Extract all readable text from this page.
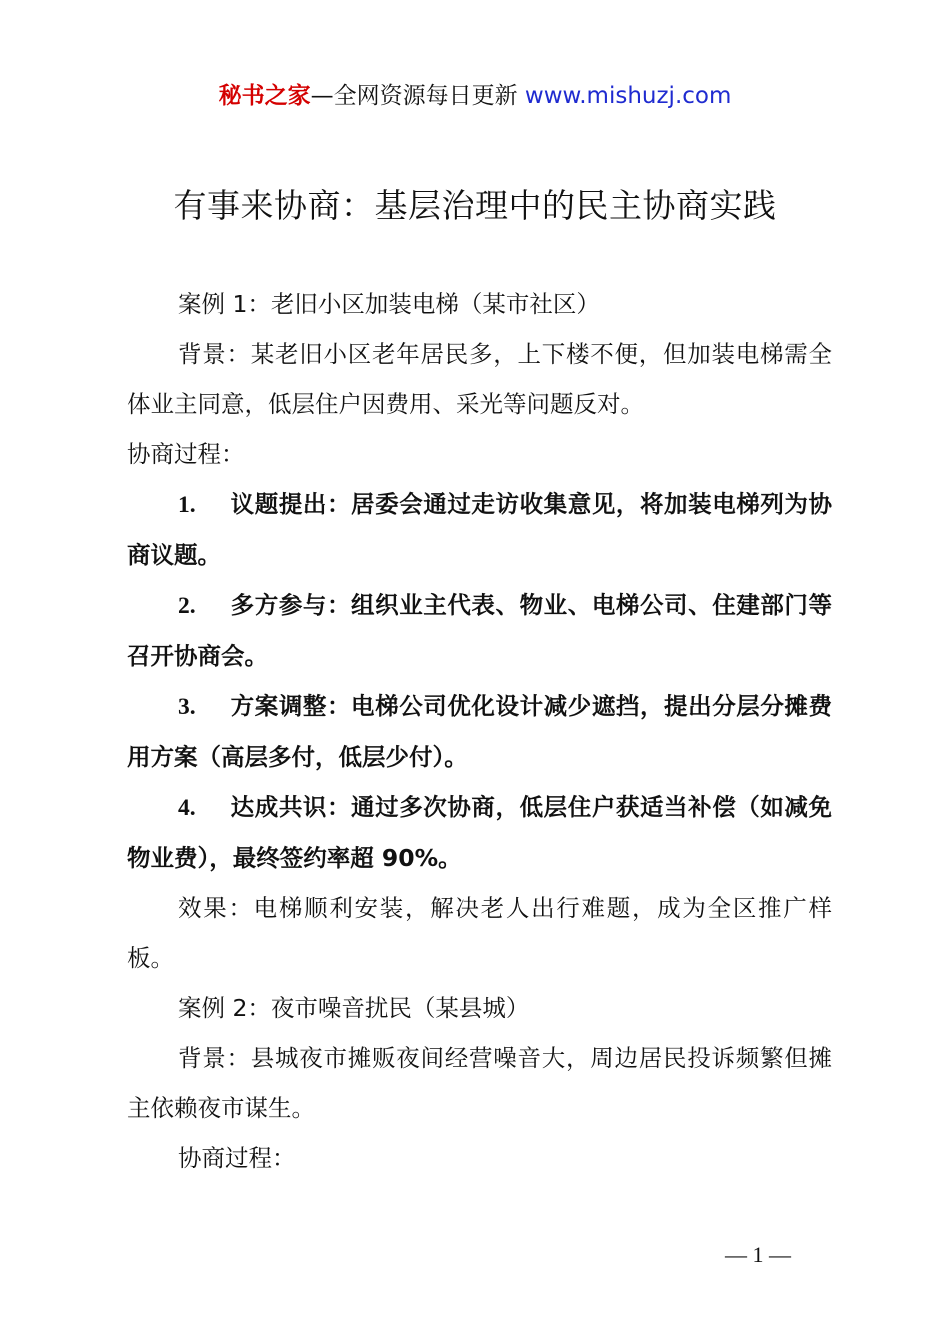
秘书之家—全网资源每日更新 www.mishuzj.com
有事来协商：基层治理中的民主协商实践

案例 1：老旧小区加装电梯（某市社区）

背景：某老旧小区老年居民多，上下楼不便，但加装电梯需全体业主同意，低层住户因费用、采光等问题反对。

协商过程：

1. 议题提出：居委会通过走访收集意见，将加装电梯列为协商议题。

2. 多方参与：组织业主代表、物业、电梯公司、住建部门等召开协商会。

3. 方案调整：电梯公司优化设计减少遮挡，提出分层分摊费用方案（高层多付，低层少付）。

4. 达成共识：通过多次协商，低层住户获适当补偿（如减免物业费），最终签约率超 90%。

效果：电梯顺利安装，解决老人出行难题，成为全区推广样板。

案例 2：夜市噪音扰民（某县城）

背景：县城夜市摊贩夜间经营噪音大，周边居民投诉频繁但摊主依赖夜市谋生。

协商过程：

— 1 —
